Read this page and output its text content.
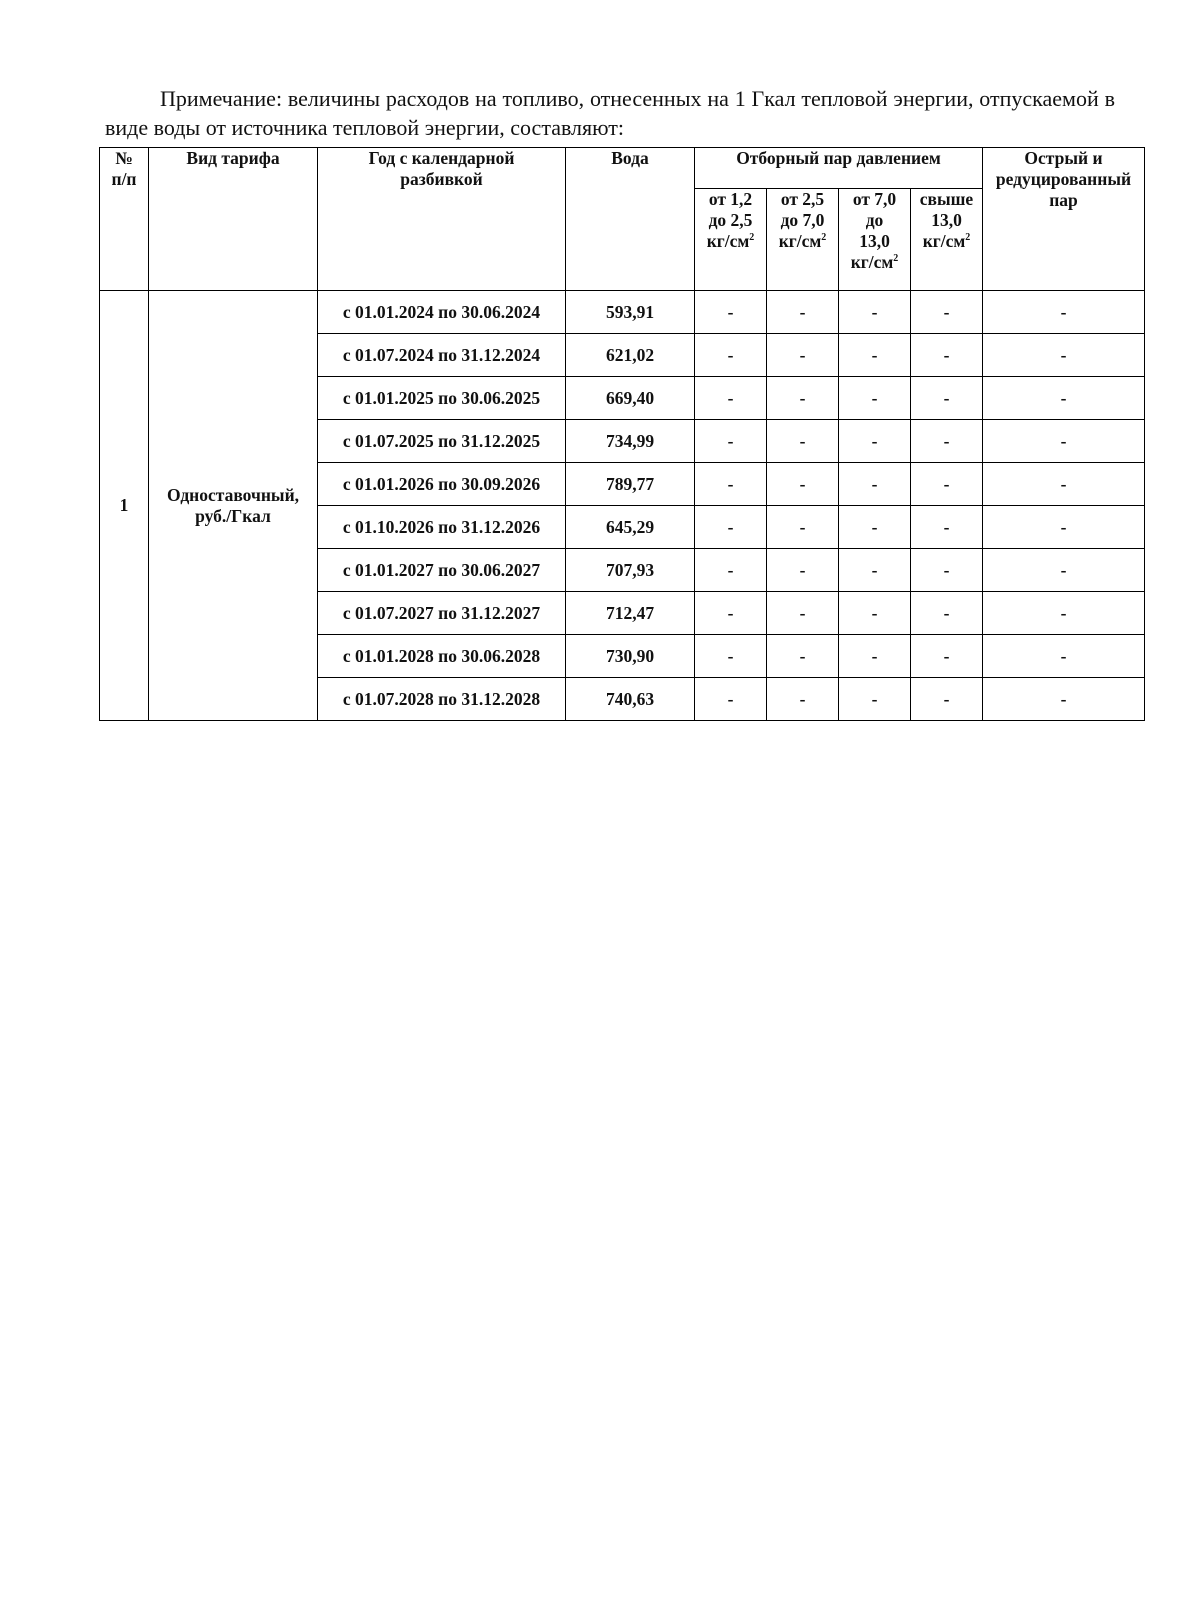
Примечание: величины расходов на топливо, отнесенных на 1 Гкал тепловой энергии, отпускаемой в виде воды от источника тепловой энергии, составляют:

№
п/п	Вид тарифа	Год с календарной разбивкой	Вода	Отборный пар давлением				Острый и редуцированный пар
				от 1,2
до 2,5
$кг/см^2$	от 2,5
до 7,0
$кг/см^2$	от 7,0
до
13,0
$кг/см^2$	свыше
13,0
$кг/см^2$
1	Одноставочный, руб./Гкал	с 01.01.2024 по 30.06.2024	593,91	-	-	-	-	-
		с 01.07.2024 по 31.12.2024	621,02	-	-	-	-	-
		с 01.01.2025 по 30.06.2025	669,40	-	-	-	-	-
		с 01.07.2025 по 31.12.2025	734,99	-	-	-	-	-
		с 01.01.2026 по 30.09.2026	789,77	-	-	-	-	-
		с 01.10.2026 по 31.12.2026	645,29	-	-	-	-	-
		с 01.01.2027 по 30.06.2027	707,93	-	-	-	-	-
		с 01.07.2027 по 31.12.2027	712,47	-	-	-	-	-
		с 01.01.2028 по 30.06.2028	730,90	-	-	-	-	-
		с 01.07.2028 по 31.12.2028	740,63	-	-	-	-	-
